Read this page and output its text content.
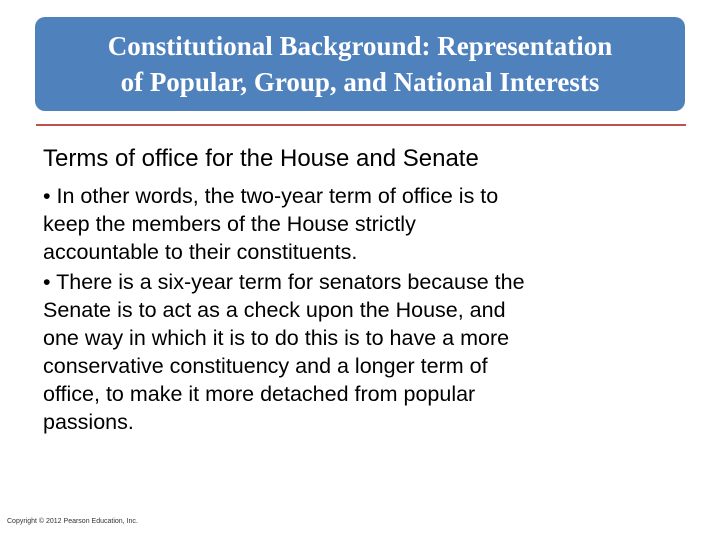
Constitutional Background: Representation
of Popular, Group, and National Interests
Terms of office for the House and Senate
• In other words, the two-year term of office is to
keep the members of the House strictly
accountable to their constituents.
• There is a six-year term for senators because the
Senate is to act as a check upon the House, and
one way in which it is to do this is to have a more
conservative constituency and a longer term of
office, to make it more detached from popular
passions.
Copyright © 2012 Pearson Education, Inc.
